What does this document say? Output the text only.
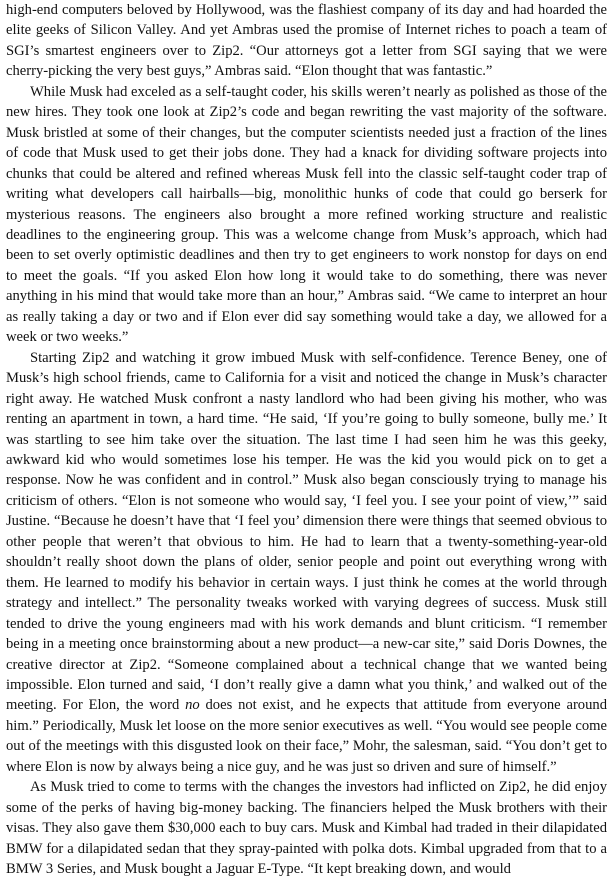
high-end computers beloved by Hollywood, was the flashiest company of its day and had hoarded the elite geeks of Silicon Valley. And yet Ambras used the promise of Internet riches to poach a team of SGI’s smartest engineers over to Zip2. “Our attorneys got a letter from SGI saying that we were cherry-picking the very best guys,” Ambras said. “Elon thought that was fantastic.”

While Musk had exceled as a self-taught coder, his skills weren’t nearly as polished as those of the new hires. They took one look at Zip2’s code and began rewriting the vast majority of the software. Musk bristled at some of their changes, but the computer scientists needed just a fraction of the lines of code that Musk used to get their jobs done. They had a knack for dividing software projects into chunks that could be altered and refined whereas Musk fell into the classic self-taught coder trap of writing what developers call hairballs—big, monolithic hunks of code that could go berserk for mysterious reasons. The engineers also brought a more refined working structure and realistic deadlines to the engineering group. This was a welcome change from Musk’s approach, which had been to set overly optimistic deadlines and then try to get engineers to work nonstop for days on end to meet the goals. “If you asked Elon how long it would take to do something, there was never anything in his mind that would take more than an hour,” Ambras said. “We came to interpret an hour as really taking a day or two and if Elon ever did say something would take a day, we allowed for a week or two weeks.”

Starting Zip2 and watching it grow imbued Musk with self-confidence. Terence Beney, one of Musk’s high school friends, came to California for a visit and noticed the change in Musk’s character right away. He watched Musk confront a nasty landlord who had been giving his mother, who was renting an apartment in town, a hard time. “He said, ‘If you’re going to bully someone, bully me.’ It was startling to see him take over the situation. The last time I had seen him he was this geeky, awkward kid who would sometimes lose his temper. He was the kid you would pick on to get a response. Now he was confident and in control.” Musk also began consciously trying to manage his criticism of others. “Elon is not someone who would say, ‘I feel you. I see your point of view,’” said Justine. “Because he doesn’t have that ‘I feel you’ dimension there were things that seemed obvious to other people that weren’t that obvious to him. He had to learn that a twenty-something-year-old shouldn’t really shoot down the plans of older, senior people and point out everything wrong with them. He learned to modify his behavior in certain ways. I just think he comes at the world through strategy and intellect.” The personality tweaks worked with varying degrees of success. Musk still tended to drive the young engineers mad with his work demands and blunt criticism. “I remember being in a meeting once brainstorming about a new product—a new-car site,” said Doris Downes, the creative director at Zip2. “Someone complained about a technical change that we wanted being impossible. Elon turned and said, ‘I don’t really give a damn what you think,’ and walked out of the meeting. For Elon, the word no does not exist, and he expects that attitude from everyone around him.” Periodically, Musk let loose on the more senior executives as well. “You would see people come out of the meetings with this disgusted look on their face,” Mohr, the salesman, said. “You don’t get to where Elon is now by always being a nice guy, and he was just so driven and sure of himself.”

As Musk tried to come to terms with the changes the investors had inflicted on Zip2, he did enjoy some of the perks of having big-money backing. The financiers helped the Musk brothers with their visas. They also gave them $30,000 each to buy cars. Musk and Kimbal had traded in their dilapidated BMW for a dilapidated sedan that they spray-painted with polka dots. Kimbal upgraded from that to a BMW 3 Series, and Musk bought a Jaguar E-Type. “It kept breaking down, and would
